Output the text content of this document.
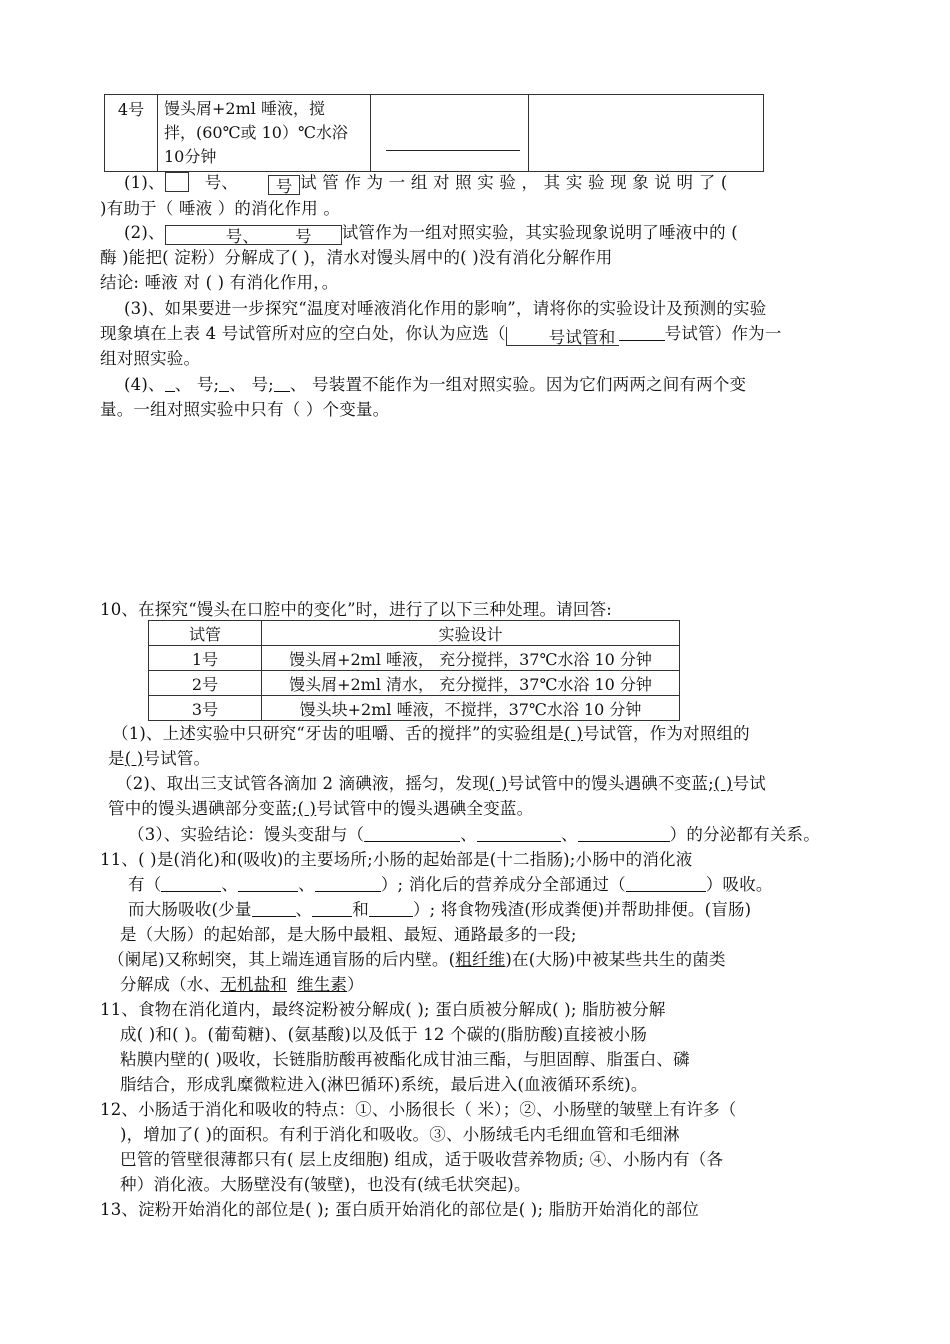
4号	馒头屑+2ml 唾液，搅
拌，(60℃或 10）℃水浴
10分钟

(1)、 号、 号 试 管 作 为 一 组 对 照 实 验 ， 其 实 验 现 象 说 明 了 (
)有助于（ 唾液 ）的消化作用 。
(2)、	号、 号 试管作为一组对照实验，其实验现象说明了唾液中的 (
酶 )能把( 淀粉）分解成了( )，清水对馒头屑中的( )没有消化分解作用
结论: 唾液 对 ( ) 有消化作用，。
(3)、如果要进一步探究“温度对唾液消化作用的影响”，请将你的实验设计及预测的实验
现象填在上表 4 号试管所对应的空白处，你认为应选（	号试管和	号试管）作为一
组对照实验。
(4)、 、 号; 、 号; 、 号装置不能作为一组对照实验。因为它们两两之间有两个变
量。一组对照实验中只有（ ）个变量。
10、在探究“馒头在口腔中的变化”时，进行了以下三种处理。请回答:
试管	实验设计
1号	馒头屑+2ml 唾液， 充分搅拌，37℃水浴 10 分钟
2号	馒头屑+2ml 清水， 充分搅拌，37℃水浴 10 分钟
3号	馒头块+2ml 唾液，不搅拌，37℃水浴 10 分钟
（1)、上述实验中只研究“牙齿的咀嚼、舌的搅拌”的实验组是( )号试管，作为对照组的
是( )号试管。
（2)、取出三支试管各滴加 2 滴碘液，摇匀，发现( )号试管中的馒头遇碘不变蓝;( )号试
管中的馒头遇碘部分变蓝;( )号试管中的馒头遇碘全变蓝。
（3）、实验结论：馒头变甜与（	、	、	）的分泌都有关系。
11、( )是(消化)和(吸收)的主要场所;小肠的起始部是(十二指肠);小肠中的消化液
有（	、	、	）; 消化后的营养成分全部通过（	）吸收。
而大肠吸收(少量	、 和	）; 将食物残渣(形成粪便)并帮助排便。(盲肠)
是（大肠）的起始部，是大肠中最粗、最短、通路最多的一段;
（阑尾)又称蚓突，其上端连通盲肠的后内壁。(粗纤维)在(大肠)中被某些共生的菌类
分解成（水、无机盐和 维生素）
11、食物在消化道内，最终淀粉被分解成( ); 蛋白质被分解成( ); 脂肪被分解
成( )和( )。(葡萄糖)、(氨基酸)以及低于 12 个碳的(脂肪酸)直接被小肠
粘膜内壁的( )吸收，长链脂肪酸再被酯化成甘油三酯，与胆固醇、脂蛋白、磷
脂结合，形成乳糜微粒进入(淋巴循环)系统，最后进入(血液循环系统)。
12、小肠适于消化和吸收的特点：①、小肠很长（ 米）；②、小肠壁的皱壁上有许多（
)，增加了( )的面积。有利于消化和吸收。③、小肠绒毛内毛细血管和毛细淋
巴管的管壁很薄都只有( 层上皮细胞) 组成，适于吸收营养物质; ④、小肠内有（各
种）消化液。大肠壁没有(皱壁)，也没有(绒毛状突起)。
13、淀粉开始消化的部位是( ); 蛋白质开始消化的部位是( ); 脂肪开始消化的部位
